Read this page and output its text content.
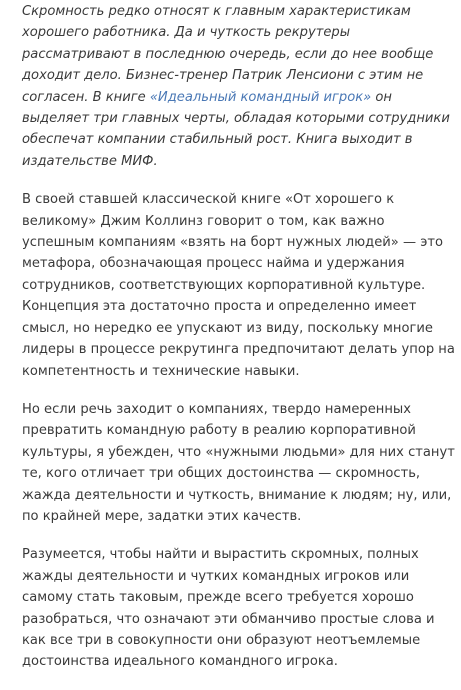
Скромность редко относят к главным характеристикам хорошего работника. Да и чуткость рекрутеры рассматривают в последнюю очередь, если до нее вообще доходит дело. Бизнес-тренер Патрик Ленсиони с этим не согласен. В книге «Идеальный командный игрок» он выделяет три главных черты, обладая которыми сотрудники обеспечат компании стабильный рост. Книга выходит в издательстве МИФ.

В своей ставшей классической книге «От хорошего к великому» Джим Коллинз говорит о том, как важно успешным компаниям «взять на борт нужных людей» — это метафора, обозначающая процесс найма и удержания сотрудников, соответствующих корпоративной культуре. Концепция эта достаточно проста и определенно имеет смысл, но нередко ее упускают из виду, поскольку многие лидеры в процессе рекрутинга предпочитают делать упор на компетентность и технические навыки.

Но если речь заходит о компаниях, твердо намеренных превратить командную работу в реалию корпоративной культуры, я убежден, что «нужными людьми» для них станут те, кого отличает три общих достоинства — скромность, жажда деятельности и чуткость, внимание к людям; ну, или, по крайней мере, задатки этих качеств.

Разумеется, чтобы найти и вырастить скромных, полных жажды деятельности и чутких командных игроков или самому стать таковым, прежде всего требуется хорошо разобраться, что означают эти обманчиво простые слова и как все три в совокупности они образуют неотъемлемые достоинства идеального командного игрока.
